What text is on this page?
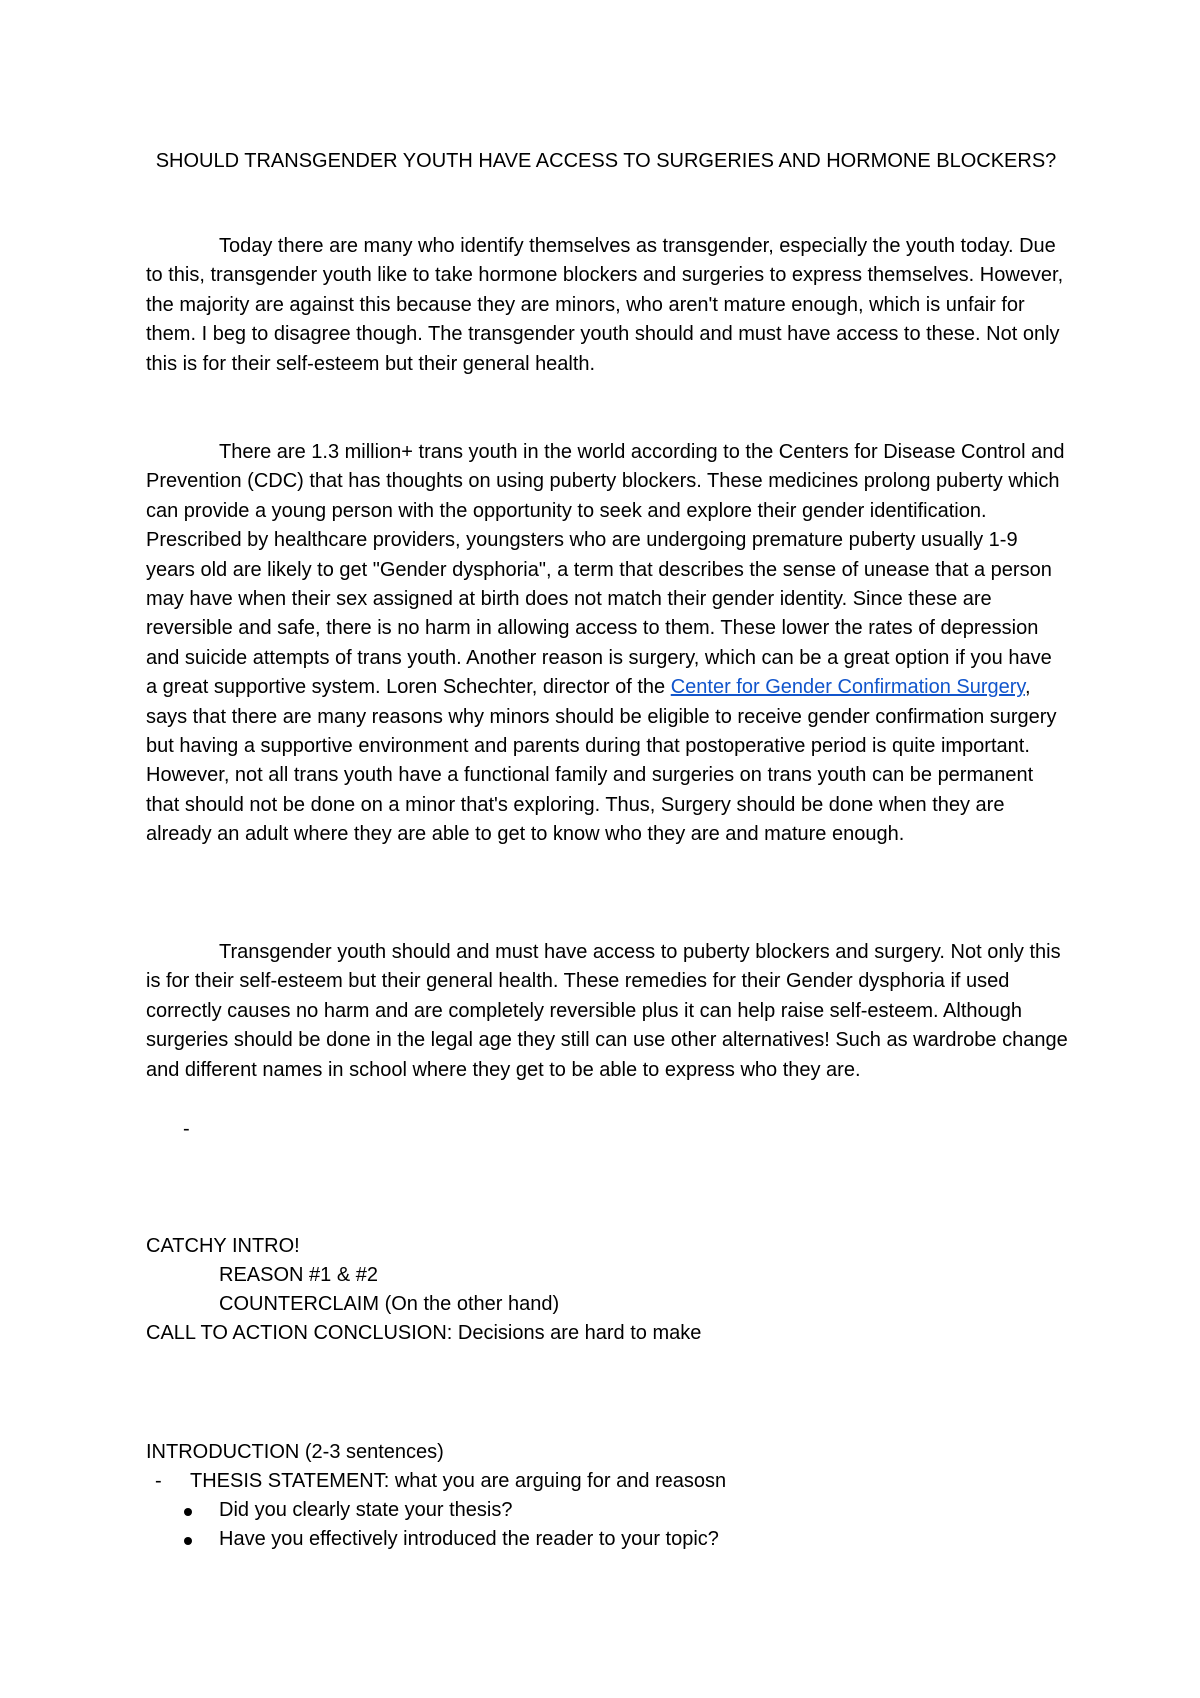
SHOULD TRANSGENDER YOUTH HAVE ACCESS TO SURGERIES AND HORMONE BLOCKERS?

Today there are many who identify themselves as transgender, especially the youth today. Due to this, transgender youth like to take hormone blockers and surgeries to express themselves. However, the majority are against this because they are minors, who aren't mature enough, which is unfair for them. I beg to disagree though. The transgender youth should and must have access to these. Not only this is for their self-esteem but their general health.

There are 1.3 million+ trans youth in the world according to the Centers for Disease Control and Prevention (CDC) that has thoughts on using puberty blockers. These medicines prolong puberty which can provide a young person with the opportunity to seek and explore their gender identification. Prescribed by healthcare providers, youngsters who are undergoing premature puberty usually 1-9 years old are likely to get "Gender dysphoria", a term that describes the sense of unease that a person may have when their sex assigned at birth does not match their gender identity. Since these are reversible and safe, there is no harm in allowing access to them. These lower the rates of depression and suicide attempts of trans youth. Another reason is surgery, which can be a great option if you have a great supportive system. Loren Schechter, director of the Center for Gender Confirmation Surgery, says that there are many reasons why minors should be eligible to receive gender confirmation surgery but having a supportive environment and parents during that postoperative period is quite important. However, not all trans youth have a functional family and surgeries on trans youth can be permanent that should not be done on a minor that's exploring. Thus, Surgery should be done when they are already an adult where they are able to get to know who they are and mature enough.

Transgender youth should and must have access to puberty blockers and surgery. Not only this is for their self-esteem but their general health. These remedies for their Gender dysphoria if used correctly causes no harm and are completely reversible plus it can help raise self-esteem. Although surgeries should be done in the legal age they still can use other alternatives! Such as wardrobe change and different names in school where they get to be able to express who they are.

-

CATCHY INTRO!

REASON #1 & #2

COUNTERCLAIM (On the other hand)

CALL TO ACTION CONCLUSION: Decisions are hard to make

INTRODUCTION (2-3 sentences)

- THESIS STATEMENT: what you are arguing for and reasosn

Did you clearly state your thesis?

Have you effectively introduced the reader to your topic?
